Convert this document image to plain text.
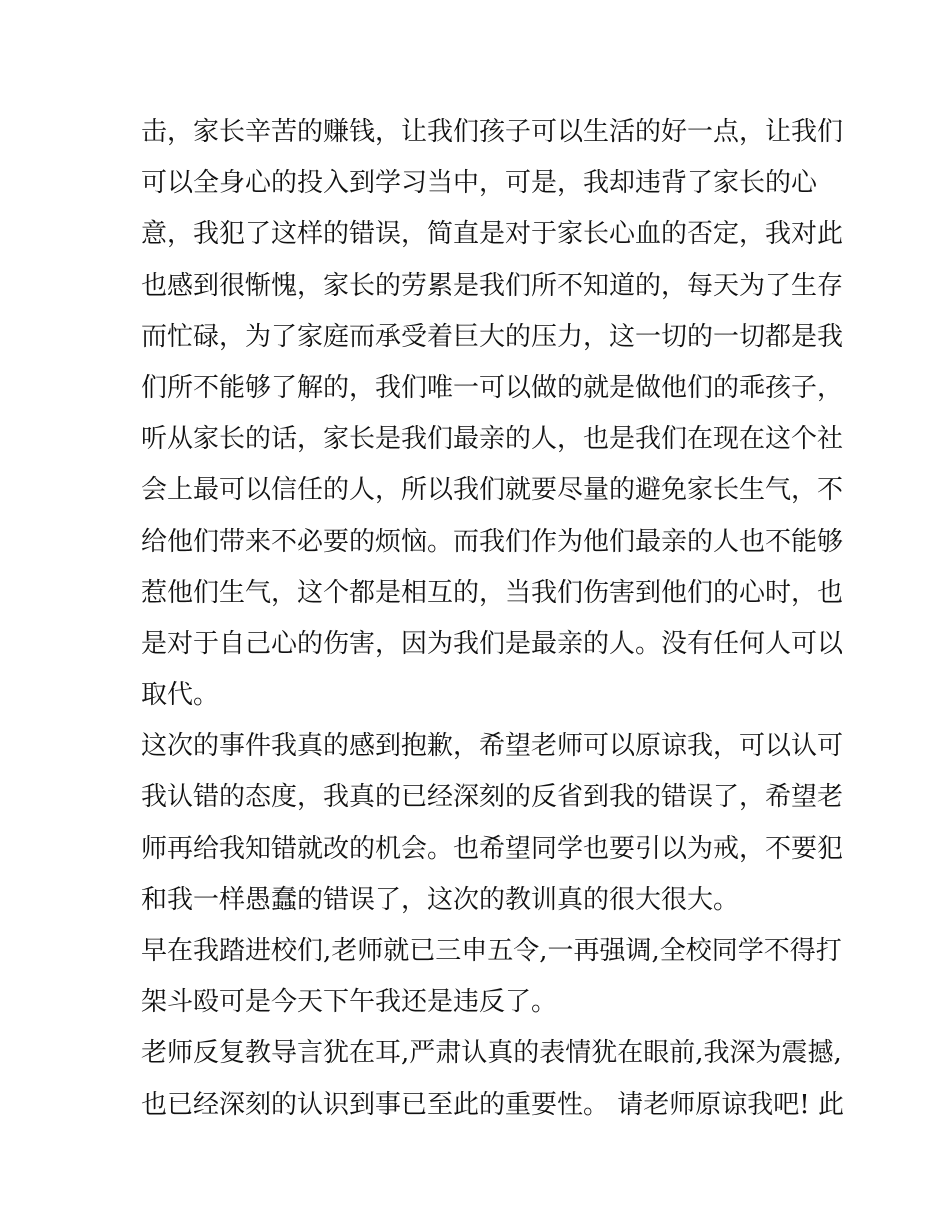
击，家长辛苦的赚钱，让我们孩子可以生活的好一点，让我们
可以全身心的投入到学习当中，可是，我却违背了家长的心
意，我犯了这样的错误，简直是对于家长心血的否定，我对此
也感到很惭愧，家长的劳累是我们所不知道的，每天为了生存
而忙碌，为了家庭而承受着巨大的压力，这一切的一切都是我
们所不能够了解的，我们唯一可以做的就是做他们的乖孩子，
听从家长的话，家长是我们最亲的人，也是我们在现在这个社
会上最可以信任的人，所以我们就要尽量的避免家长生气，不
给他们带来不必要的烦恼。而我们作为他们最亲的人也不能够
惹他们生气，这个都是相互的，当我们伤害到他们的心时，也
是对于自己心的伤害，因为我们是最亲的人。没有任何人可以
取代。
这次的事件我真的感到抱歉，希望老师可以原谅我，可以认可
我认错的态度，我真的已经深刻的反省到我的错误了，希望老
师再给我知错就改的机会。也希望同学也要引以为戒，不要犯
和我一样愚蠢的错误了，这次的教训真的很大很大。
早在我踏进校们,老师就已三申五令,一再强调,全校同学不得打
架斗殴可是今天下午我还是违反了。
老师反复教导言犹在耳,严肃认真的表情犹在眼前,我深为震撼,
也已经深刻的认识到事已至此的重要性。 请老师原谅我吧! 此
